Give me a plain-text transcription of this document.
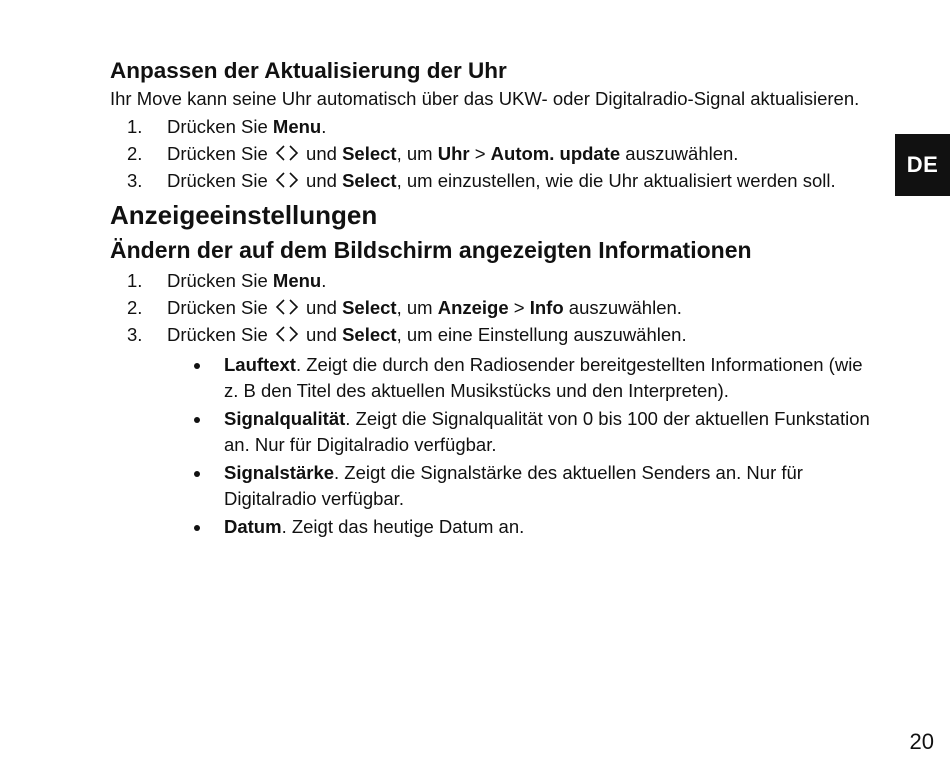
Anpassen der Aktualisierung der Uhr

Ihr Move kann seine Uhr automatisch über das UKW- oder Digitalradio-Signal aktualisieren.

1. Drücken Sie Menu.
2. Drücken Sie  und Select, um Uhr > Autom. update auszuwählen.
3. Drücken Sie  und Select, um einzustellen, wie die Uhr aktualisiert werden soll.
Anzeigeeinstellungen
Ändern der auf dem Bildschirm angezeigten Informationen
1. Drücken Sie Menu.
2. Drücken Sie  und Select, um Anzeige > Info auszuwählen.
3. Drücken Sie  und Select, um eine Einstellung auszuwählen.
Lauftext. Zeigt die durch den Radiosender bereitgestellten Informationen (wie z. B den Titel des aktuellen Musikstücks und den Interpreten).
Signalqualität. Zeigt die Signalqualität von 0 bis 100 der aktuellen Funkstation an. Nur für Digitalradio verfügbar.
Signalstärke. Zeigt die Signalstärke des aktuellen Senders an. Nur für Digitalradio verfügbar.
Datum. Zeigt das heutige Datum an.
DE
20
